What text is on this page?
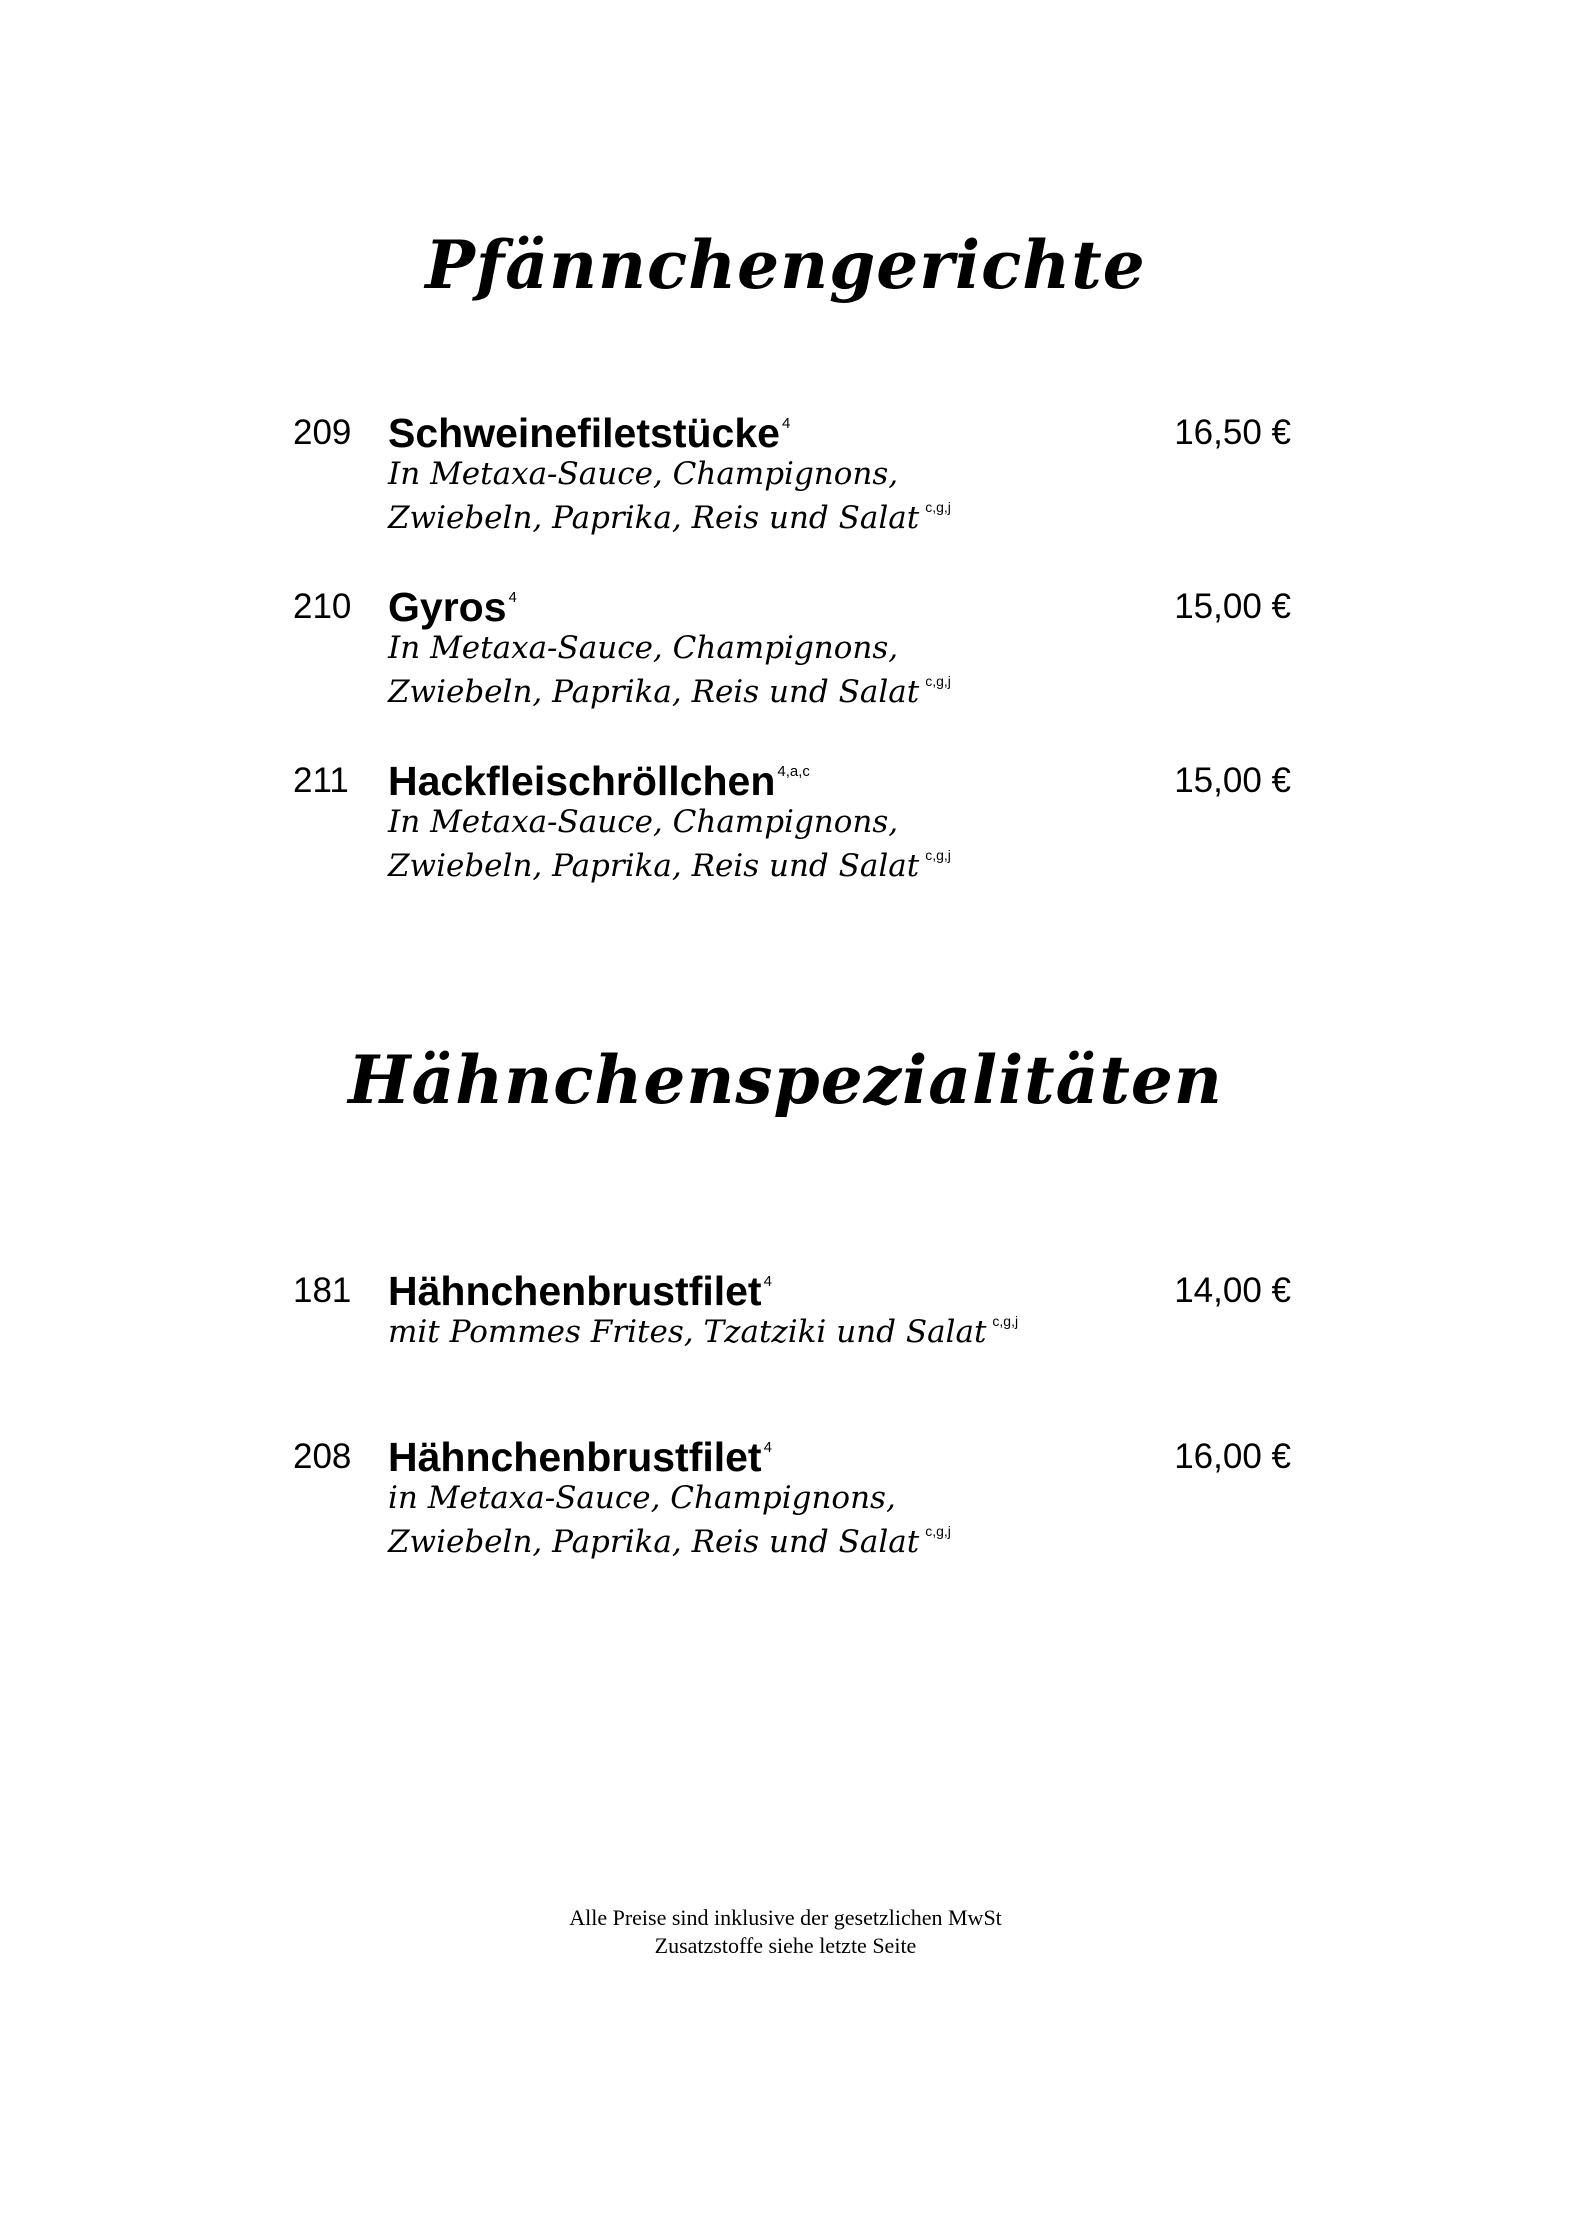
Pfännchengerichte
209 Schweinefiletstücke $^4$	16,50 €
In Metaxa-Sauce, Champignons,
Zwiebeln, Paprika, Reis und Salat $^{c,g,j}$
210 Gyros $^4$	15,00 €
In Metaxa-Sauce, Champignons,
Zwiebeln, Paprika, Reis und Salat $^{c,g,j}$
211 Hackfleischröllchen $^{4,a,c}$	15,00 €
In Metaxa-Sauce, Champignons,
Zwiebeln, Paprika, Reis und Salat $^{c,g,j}$
Hähnchenspezialitäten
181 Hähnchenbrustfilet $^4$	14,00 €
mit Pommes Frites, Tzatziki und Salat $^{c,g,j}$
208 Hähnchenbrustfilet $^4$	16,00 €
in Metaxa-Sauce, Champignons,
Zwiebeln, Paprika, Reis und Salat $^{c,g,j}$
Alle Preise sind inklusive der gesetzlichen MwSt
Zusatzstoffe siehe letzte Seite
